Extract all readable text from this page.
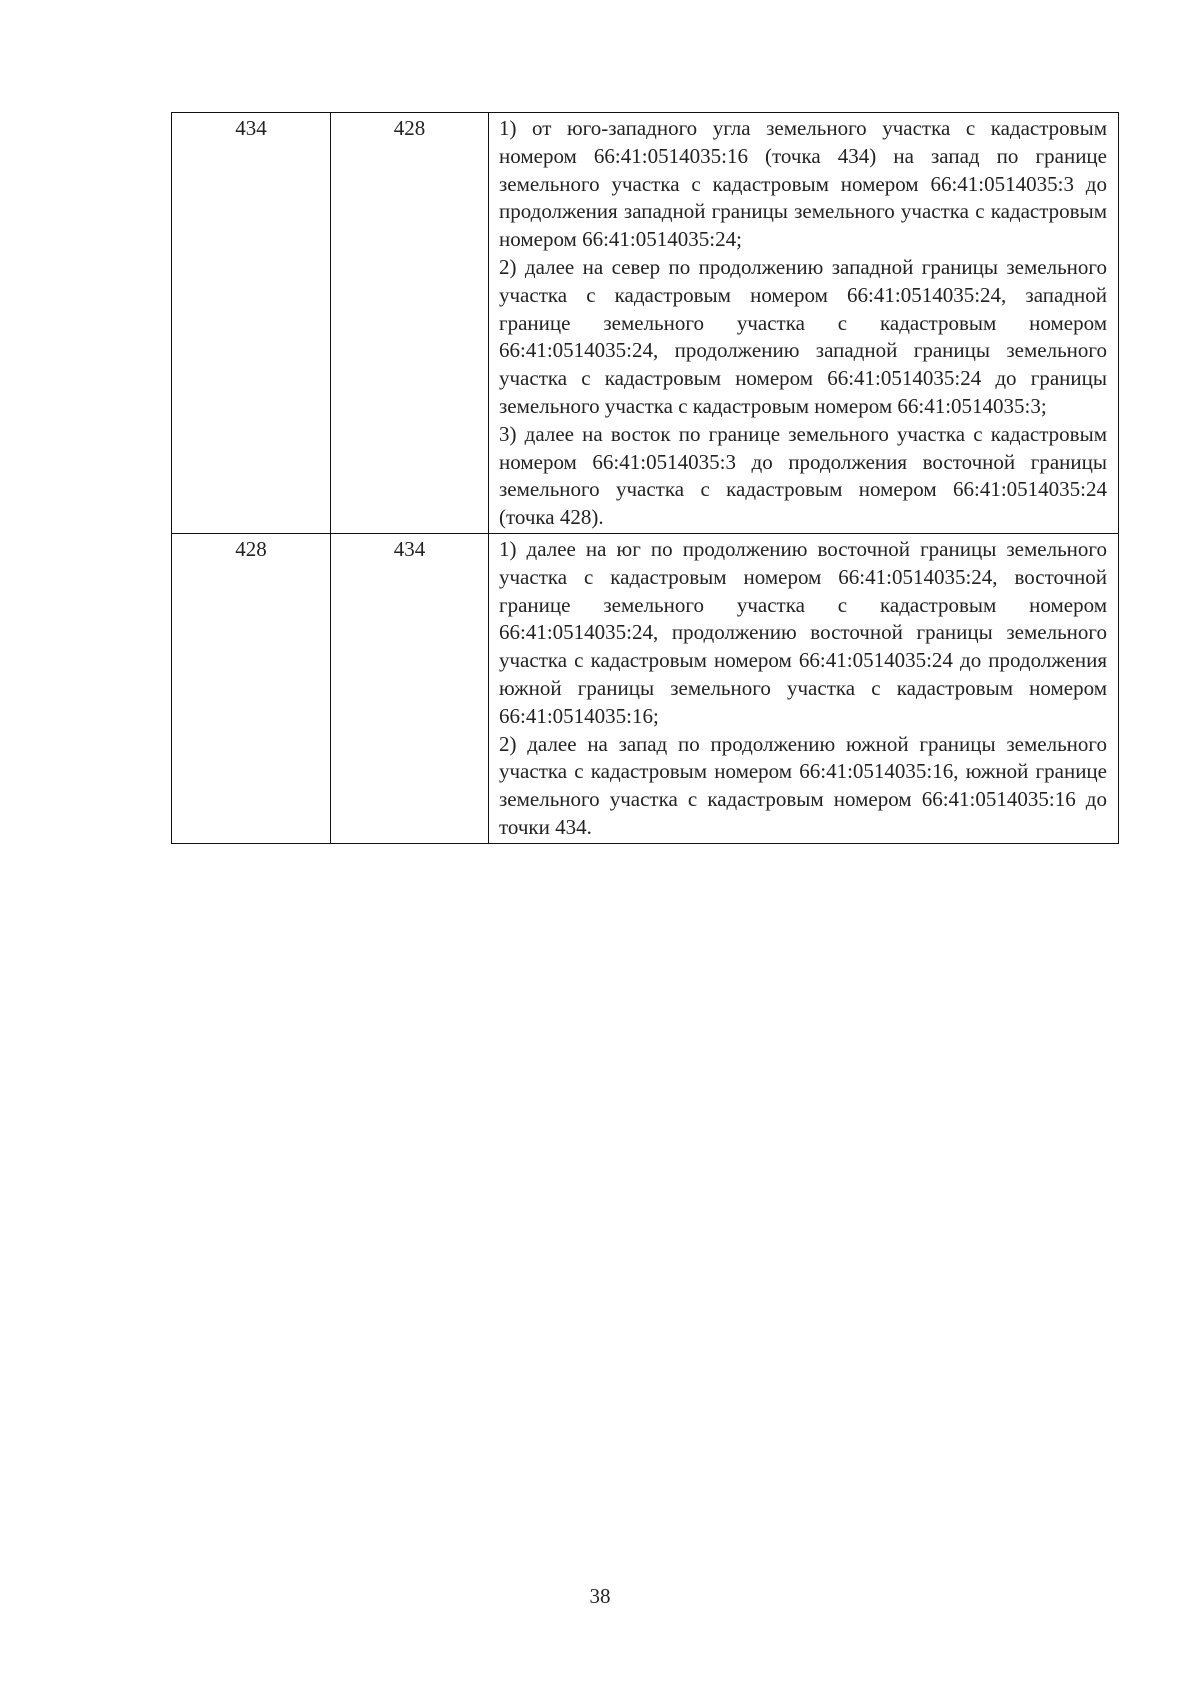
434	428	1) от юго-западного угла земельного участка с кадастровым номером 66:41:0514035:16 (точка 434) на запад по границе земельного участка с кадастровым номером 66:41:0514035:3 до продолжения западной границы земельного участка с кадастровым номером 66:41:0514035:24;

2) далее на север по продолжению западной границы земельного участка с кадастровым номером 66:41:0514035:24, западной границе земельного участка с кадастровым номером 66:41:0514035:24, продолжению западной границы земельного участка с кадастровым номером 66:41:0514035:24 до границы земельного участка с кадастровым номером 66:41:0514035:3;

3) далее на восток по границе земельного участка с кадастровым номером 66:41:0514035:3 до продолжения восточной границы земельного участка с кадастровым номером 66:41:0514035:24 (точка 428).

428	434	1) далее на юг по продолжению восточной границы земельного участка с кадастровым номером 66:41:0514035:24, восточной границе земельного участка с кадастровым номером 66:41:0514035:24, продолжению восточной границы земельного участка с кадастровым номером 66:41:0514035:24 до продолжения южной границы земельного участка с кадастровым номером 66:41:0514035:16;

2) далее на запад по продолжению южной границы земельного участка с кадастровым номером 66:41:0514035:16, южной границе земельного участка с кадастровым номером 66:41:0514035:16 до точки 434.

38
